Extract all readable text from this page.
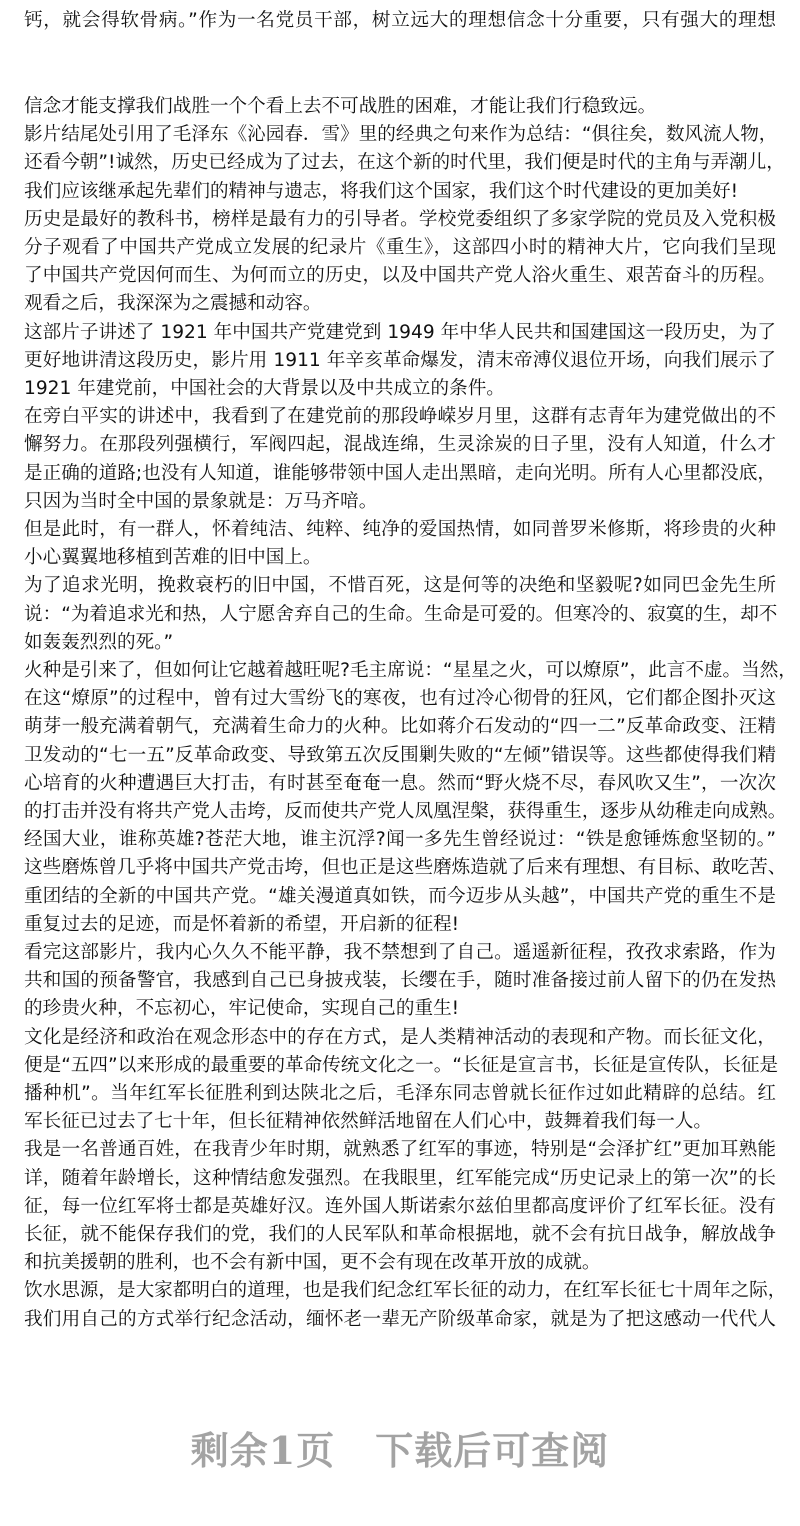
钙，就会得软骨病。”作为一名党员干部，树立远大的理想信念十分重要，只有强大的理想
信念才能支撑我们战胜一个个看上去不可战胜的困难，才能让我们行稳致远。
影片结尾处引用了毛泽东《沁园春．雪》里的经典之句来作为总结：“俱往矣，数风流人物，
还看今朝”!诚然，历史已经成为了过去，在这个新的时代里，我们便是时代的主角与弄潮儿，
我们应该继承起先辈们的精神与遗志，将我们这个国家，我们这个时代建设的更加美好!
历史是最好的教科书，榜样是最有力的引导者。学校党委组织了多家学院的党员及入党积极
分子观看了中国共产党成立发展的纪录片《重生》，这部四小时的精神大片，它向我们呈现
了中国共产党因何而生、为何而立的历史，以及中国共产党人浴火重生、艰苦奋斗的历程。
观看之后，我深深为之震撼和动容。
这部片子讲述了 1921 年中国共产党建党到 1949 年中华人民共和国建国这一段历史，为了
更好地讲清这段历史，影片用 1911 年辛亥革命爆发，清末帝溥仪退位开场，向我们展示了
1921 年建党前，中国社会的大背景以及中共成立的条件。
在旁白平实的讲述中，我看到了在建党前的那段峥嵘岁月里，这群有志青年为建党做出的不
懈努力。在那段列强横行，军阀四起，混战连绵，生灵涂炭的日子里，没有人知道，什么才
是正确的道路;也没有人知道，谁能够带领中国人走出黑暗，走向光明。所有人心里都没底，
只因为当时全中国的景象就是：万马齐喑。
但是此时，有一群人，怀着纯洁、纯粹、纯净的爱国热情，如同普罗米修斯，将珍贵的火种
小心翼翼地移植到苦难的旧中国上。
为了追求光明，挽救衰朽的旧中国，不惜百死，这是何等的决绝和坚毅呢?如同巴金先生所
说：“为着追求光和热，人宁愿舍弃自己的生命。生命是可爱的。但寒冷的、寂寞的生，却不
如轰轰烈烈的死。”
火种是引来了，但如何让它越着越旺呢?毛主席说：“星星之火，可以燎原”，此言不虚。当然，
在这“燎原”的过程中，曾有过大雪纷飞的寒夜，也有过冷心彻骨的狂风，它们都企图扑灭这
萌芽一般充满着朝气，充满着生命力的火种。比如蒋介石发动的“四一二”反革命政变、汪精
卫发动的“七一五”反革命政变、导致第五次反围剿失败的“左倾”错误等。这些都使得我们精
心培育的火种遭遇巨大打击，有时甚至奄奄一息。然而“野火烧不尽，春风吹又生”，一次次
的打击并没有将共产党人击垮，反而使共产党人凤凰涅槃，获得重生，逐步从幼稚走向成熟。
经国大业，谁称英雄?苍茫大地，谁主沉浮?闻一多先生曾经说过：“铁是愈锤炼愈坚韧的。”
这些磨炼曾几乎将中国共产党击垮，但也正是这些磨炼造就了后来有理想、有目标、敢吃苦、
重团结的全新的中国共产党。“雄关漫道真如铁，而今迈步从头越”，中国共产党的重生不是
重复过去的足迹，而是怀着新的希望，开启新的征程!
看完这部影片，我内心久久不能平静，我不禁想到了自己。遥遥新征程，孜孜求索路，作为
共和国的预备警官，我感到自己已身披戎装，长缨在手，随时准备接过前人留下的仍在发热
的珍贵火种，不忘初心，牢记使命，实现自己的重生!
文化是经济和政治在观念形态中的存在方式，是人类精神活动的表现和产物。而长征文化，
便是“五四”以来形成的最重要的革命传统文化之一。“长征是宣言书，长征是宣传队，长征是
播种机”。当年红军长征胜利到达陕北之后，毛泽东同志曾就长征作过如此精辟的总结。红
军长征已过去了七十年，但长征精神依然鲜活地留在人们心中，鼓舞着我们每一人。
我是一名普通百姓，在我青少年时期，就熟悉了红军的事迹，特别是“会泽扩红”更加耳熟能
详，随着年龄增长，这种情结愈发强烈。在我眼里，红军能完成“历史记录上的第一次”的长
征，每一位红军将士都是英雄好汉。连外国人斯诺索尔兹伯里都高度评价了红军长征。没有
长征，就不能保存我们的党，我们的人民军队和革命根据地，就不会有抗日战争，解放战争
和抗美援朝的胜利，也不会有新中国，更不会有现在改革开放的成就。
饮水思源，是大家都明白的道理，也是我们纪念红军长征的动力，在红军长征七十周年之际，
我们用自己的方式举行纪念活动，缅怀老一辈无产阶级革命家，就是为了把这感动一代代人
剩余1页 下载后可查阅
